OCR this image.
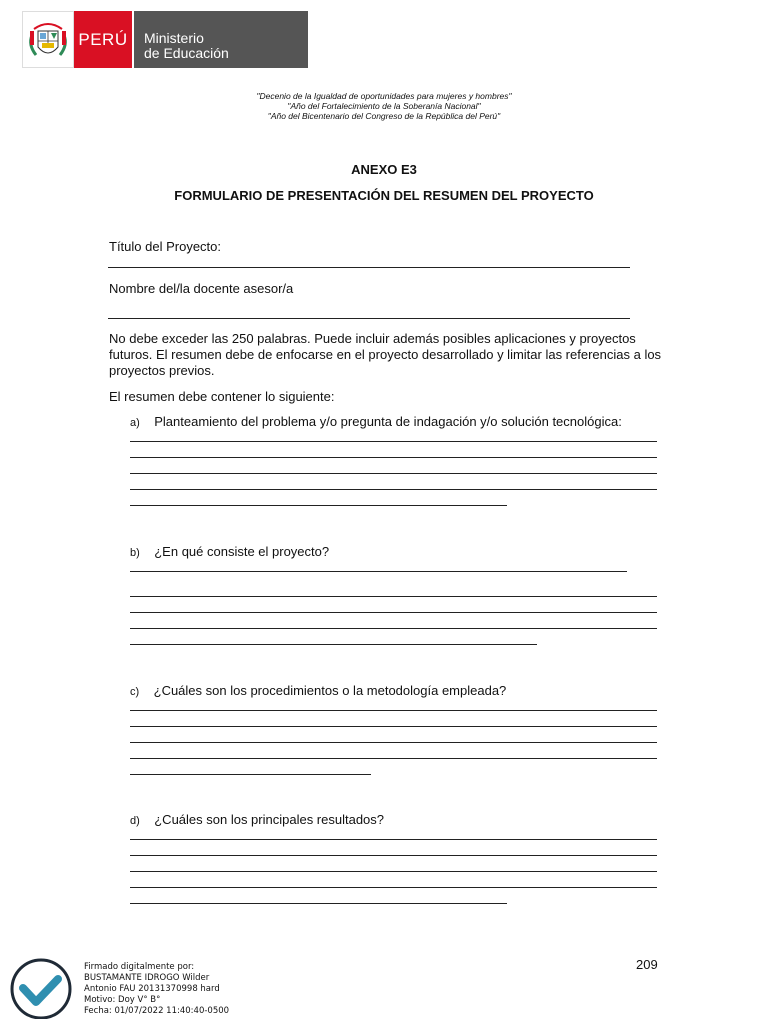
PERÚ	Ministerio
de Educación
"Decenio de la Igualdad de oportunidades para mujeres y hombres"
"Año del Fortalecimiento de la Soberanía Nacional"
"Año del Bicentenario del Congreso de la República del Perú"
ANEXO E3
FORMULARIO DE PRESENTACIÓN DEL RESUMEN DEL PROYECTO
Título del Proyecto:
Nombre del/la docente asesor/a
No debe exceder las 250 palabras. Puede incluir además posibles aplicaciones y proyectos futuros. El resumen debe de enfocarse en el proyecto desarrollado y limitar las referencias a los proyectos previos.
El resumen debe contener lo siguiente:
a) Planteamiento del problema y/o pregunta de indagación y/o solución tecnológica:
b) ¿En qué consiste el proyecto?
c) ¿Cuáles son los procedimientos o la metodología empleada?
d) ¿Cuáles son los principales resultados?
209
Firmado digitalmente por:
BUSTAMANTE IDROGO Wilder
Antonio FAU 20131370998 hard
Motivo: Doy V° B°
Fecha: 01/07/2022 11:40:40-0500
